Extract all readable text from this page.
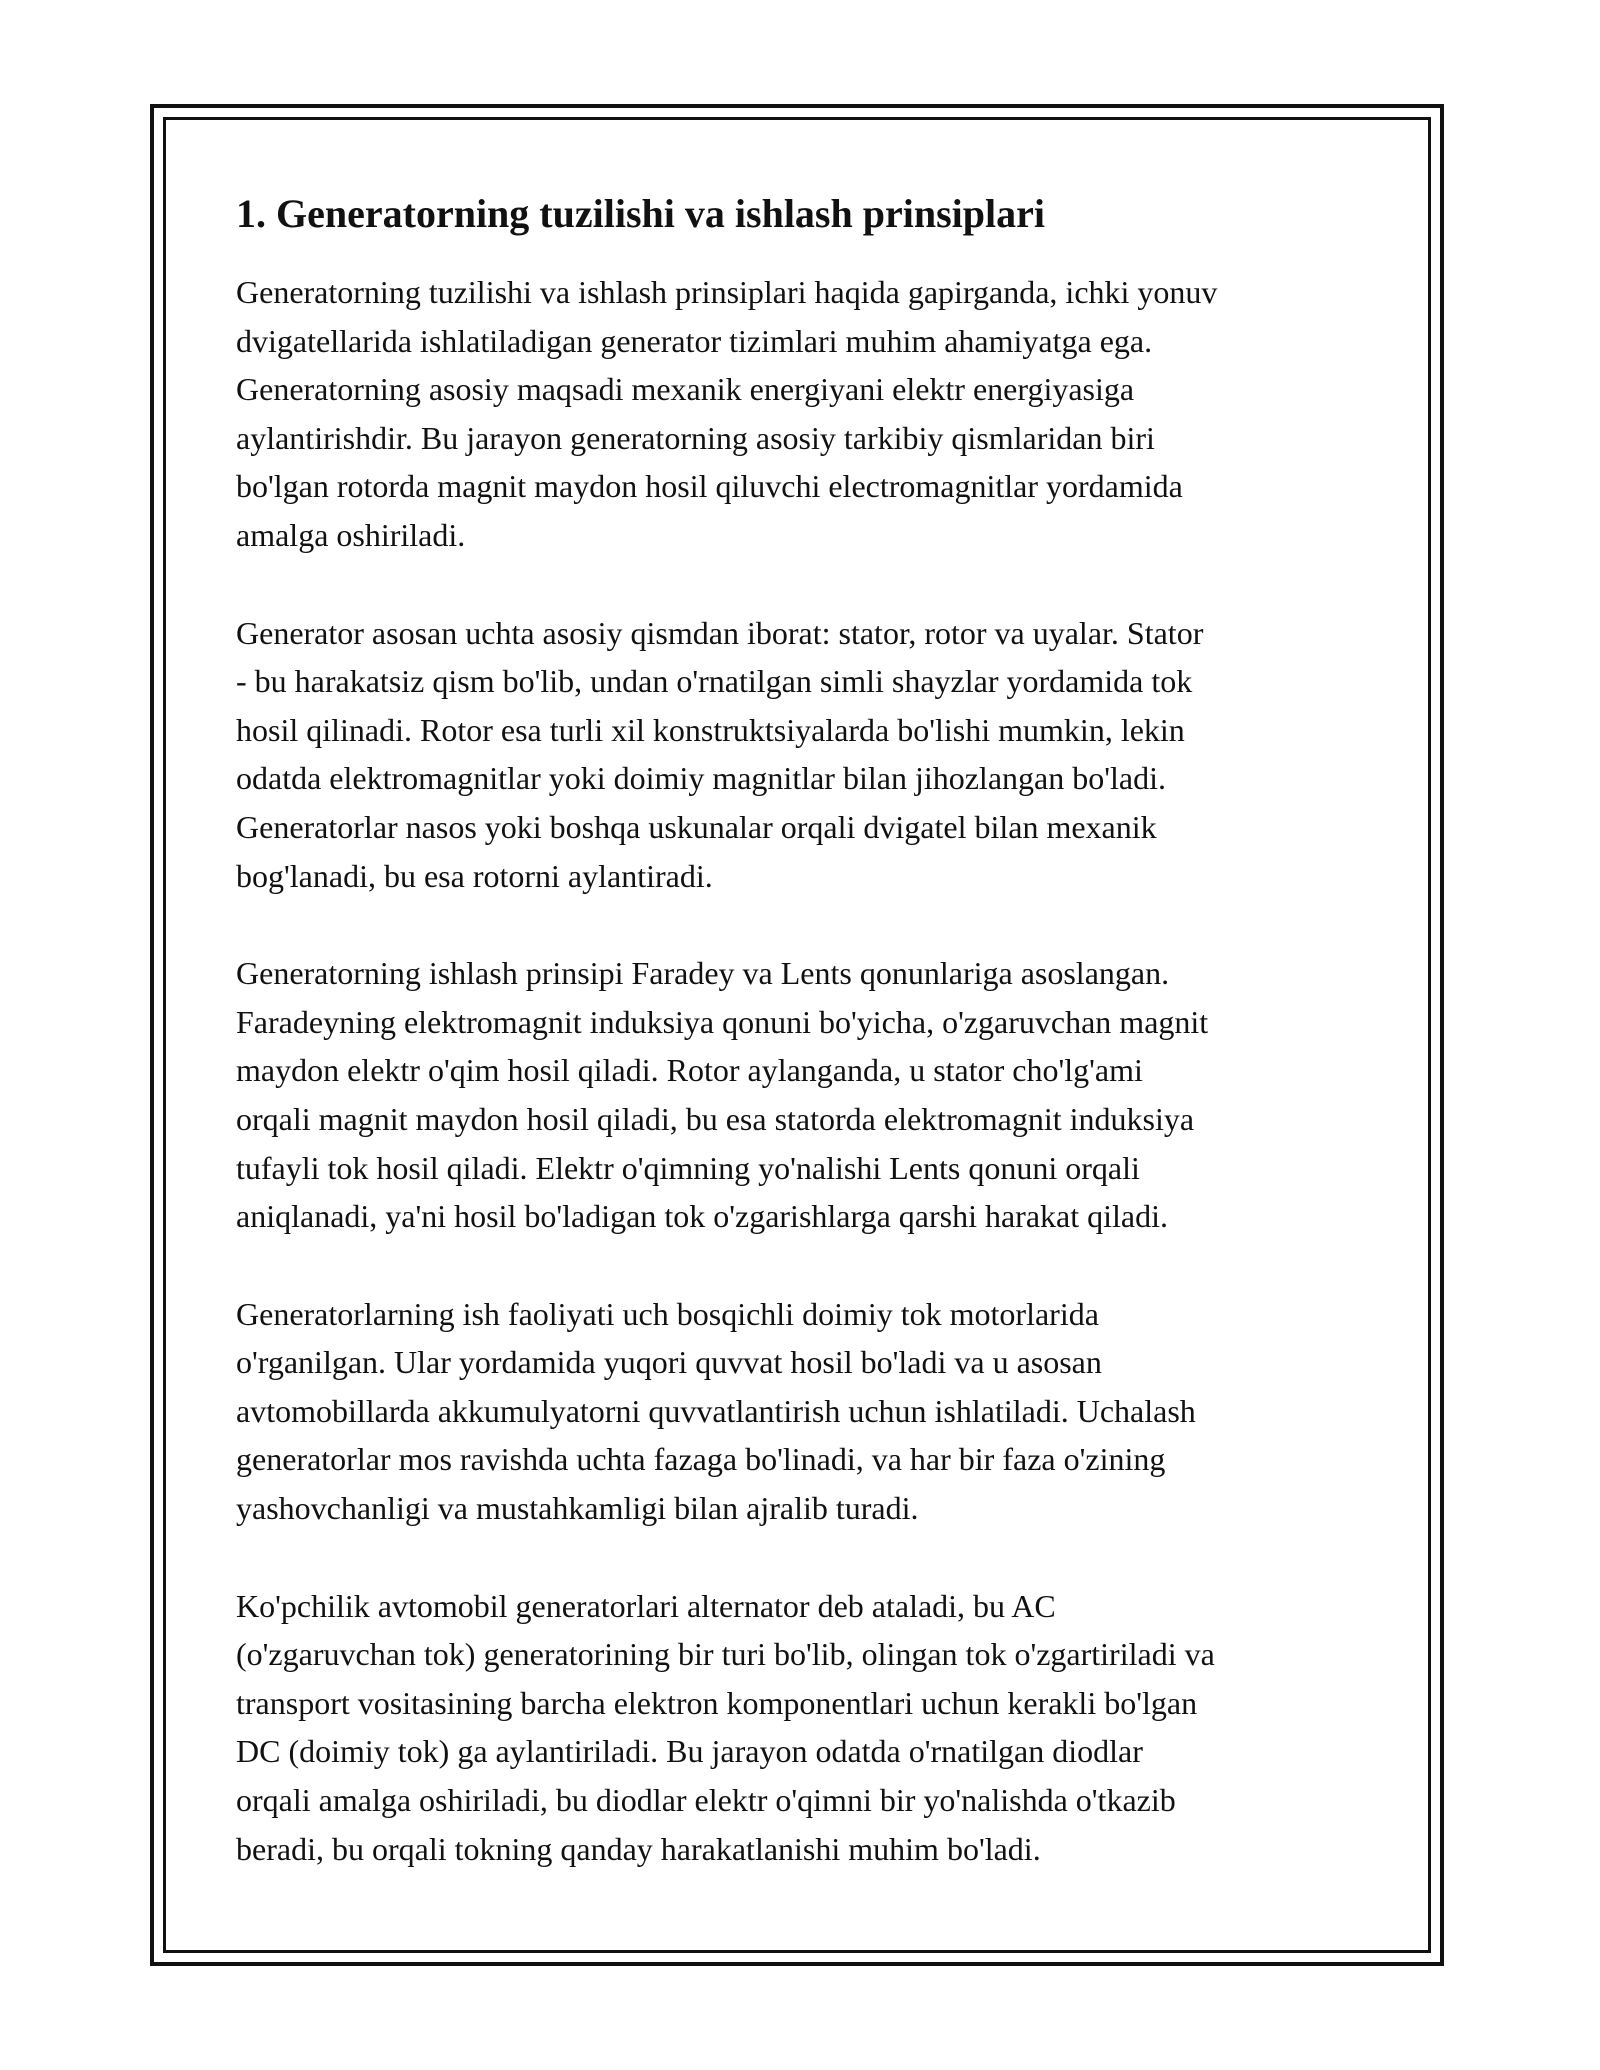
1. Generatorning tuzilishi va ishlash prinsiplari

Generatorning tuzilishi va ishlash prinsiplari haqida gapirganda, ichki yonuv
dvigatellarida ishlatiladigan generator tizimlari muhim ahamiyatga ega.
Generatorning asosiy maqsadi mexanik energiyani elektr energiyasiga
aylantirishdir. Bu jarayon generatorning asosiy tarkibiy qismlaridan biri
bo'lgan rotorda magnit maydon hosil qiluvchi electromagnitlar yordamida
amalga oshiriladi.

Generator asosan uchta asosiy qismdan iborat: stator, rotor va uyalar. Stator
- bu harakatsiz qism bo'lib, undan o'rnatilgan simli shayzlar yordamida tok
hosil qilinadi. Rotor esa turli xil konstruktsiyalarda bo'lishi mumkin, lekin
odatda elektromagnitlar yoki doimiy magnitlar bilan jihozlangan bo'ladi.
Generatorlar nasos yoki boshqa uskunalar orqali dvigatel bilan mexanik
bog'lanadi, bu esa rotorni aylantiradi.

Generatorning ishlash prinsipi Faradey va Lents qonunlariga asoslangan.
Faradeyning elektromagnit induksiya qonuni bo'yicha, o'zgaruvchan magnit
maydon elektr o'qim hosil qiladi. Rotor aylanganda, u stator cho'lg'ami
orqali magnit maydon hosil qiladi, bu esa statorda elektromagnit induksiya
tufayli tok hosil qiladi. Elektr o'qimning yo'nalishi Lents qonuni orqali
aniqlanadi, ya'ni hosil bo'ladigan tok o'zgarishlarga qarshi harakat qiladi.

Generatorlarning ish faoliyati uch bosqichli doimiy tok motorlarida
o'rganilgan. Ular yordamida yuqori quvvat hosil bo'ladi va u asosan
avtomobillarda akkumulyatorni quvvatlantirish uchun ishlatiladi. Uchalash
generatorlar mos ravishda uchta fazaga bo'linadi, va har bir faza o'zining
yashovchanligi va mustahkamligi bilan ajralib turadi.

Ko'pchilik avtomobil generatorlari alternator deb ataladi, bu AC
(o'zgaruvchan tok) generatorining bir turi bo'lib, olingan tok o'zgartiriladi va
transport vositasining barcha elektron komponentlari uchun kerakli bo'lgan
DC (doimiy tok) ga aylantiriladi. Bu jarayon odatda o'rnatilgan diodlar
orqali amalga oshiriladi, bu diodlar elektr o'qimni bir yo'nalishda o'tkazib
beradi, bu orqali tokning qanday harakatlanishi muhim bo'ladi.
